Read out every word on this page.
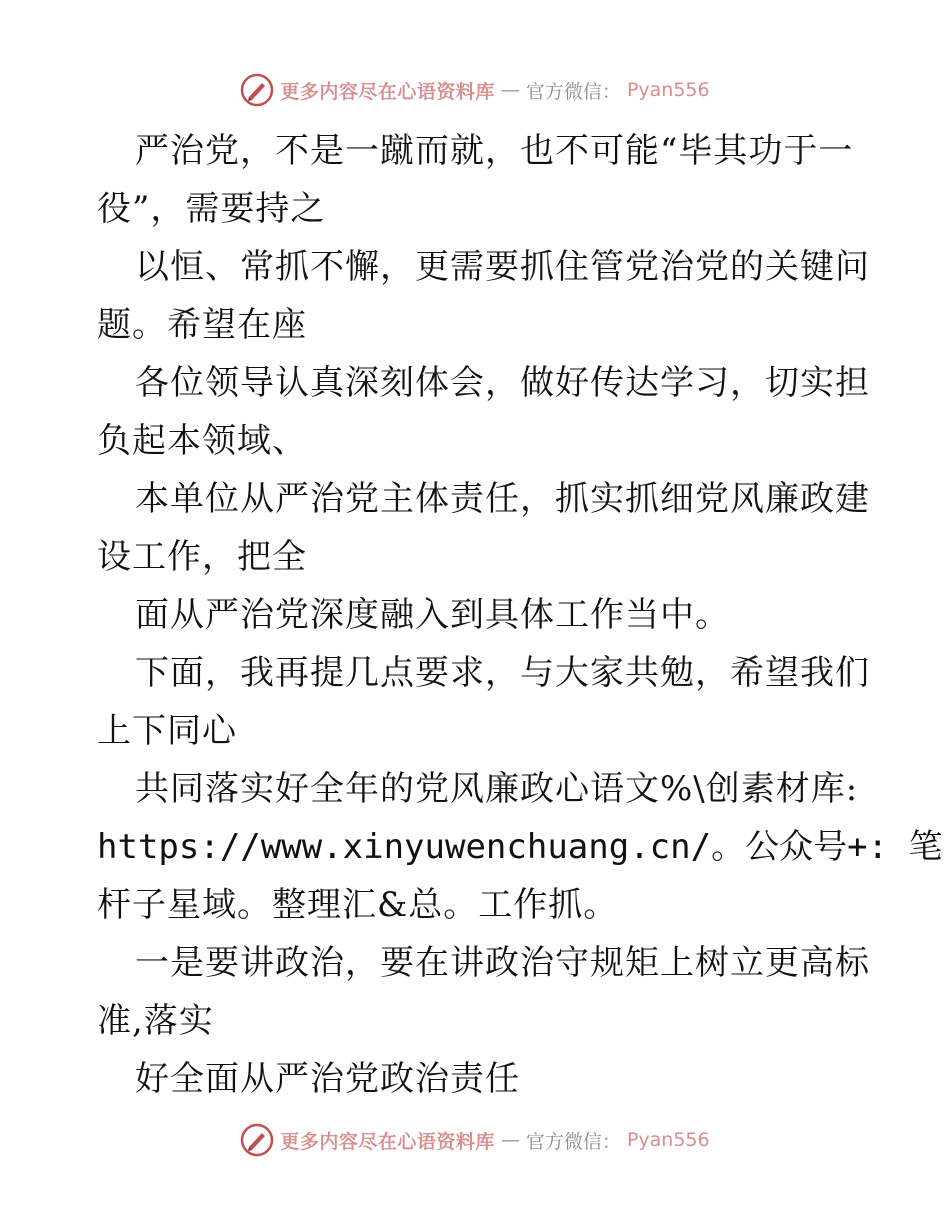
更多内容尽在心语资料库 — 官方微信： Pyan556
严治党，不是一蹴而就，也不可能“毕其功于一
役”，需要持之
以恒、常抓不懈，更需要抓住管党治党的关键问
题。希望在座
各位领导认真深刻体会，做好传达学习，切实担
负起本领域、
本单位从严治党主体责任，抓实抓细党风廉政建
设工作，把全
面从严治党深度融入到具体工作当中。
下面，我再提几点要求，与大家共勉，希望我们
上下同心
共同落实好全年的党风廉政心语文%\创素材库:
https://www.xinyuwenchuang.cn/。公众号+: 笔
杆子星域。整理汇&总。工作抓。
一是要讲政治，要在讲政治守规矩上树立更高标
准,落实
好全面从严治党政治责任
更多内容尽在心语资料库 — 官方微信： Pyan556
